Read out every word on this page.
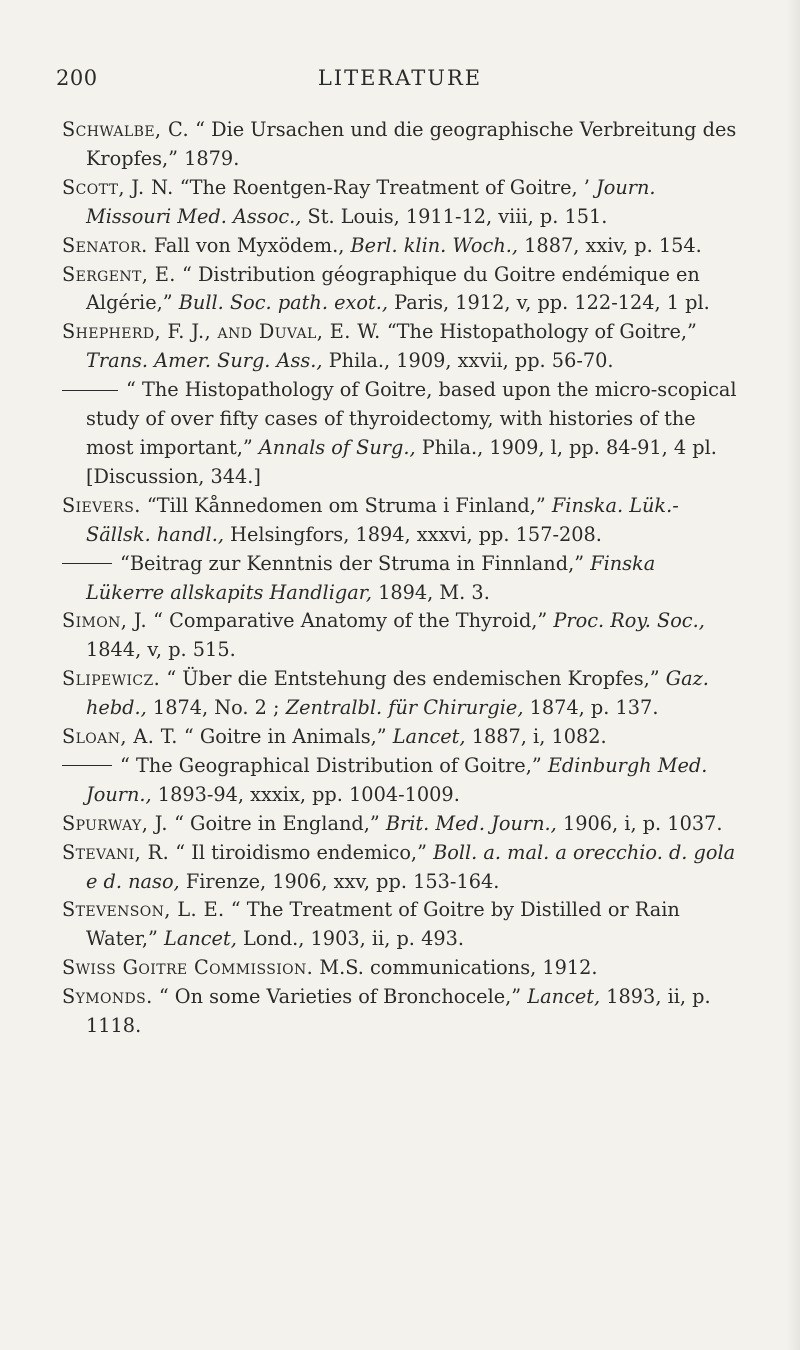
200	LITERATURE

Schwalbe, C. “ Die Ursachen und die geographische Verbreitung des Kropfes,” 1879.

Scott, J. N. “The Roentgen-Ray Treatment of Goitre, ’ Journ. Missouri Med. Assoc., St. Louis, 1911-12, viii, p. 151.

Senator. Fall von Myxödem., Berl. klin. Woch., 1887, xxiv, p. 154.

Sergent, E. “ Distribution géographique du Goitre endémique en Algérie,” Bull. Soc. path. exot., Paris, 1912, v, pp. 122-124, 1 pl.

Shepherd, F. J., and Duval, E. W. “The Histopathology of Goitre,” Trans. Amer. Surg. Ass., Phila., 1909, xxvii, pp. 56-70.

“ The Histopathology of Goitre, based upon the micro-scopical study of over fifty cases of thyroidectomy, with histories of the most important,” Annals of Surg., Phila., 1909, l, pp. 84-91, 4 pl. [Discussion, 344.]

Sievers. “Till Kånnedomen om Struma i Finland,” Finska. Lük.-Sällsk. handl., Helsingfors, 1894, xxxvi, pp. 157-208.

“Beitrag zur Kenntnis der Struma in Finnland,” Finska Lükerre allskapits Handligar, 1894, M. 3.

Simon, J. “ Comparative Anatomy of the Thyroid,” Proc. Roy. Soc., 1844, v, p. 515.

Slipewicz. “ Über die Entstehung des endemischen Kropfes,” Gaz. hebd., 1874, No. 2 ; Zentralbl. für Chirurgie, 1874, p. 137.

Sloan, A. T. “ Goitre in Animals,” Lancet, 1887, i, 1082.

“ The Geographical Distribution of Goitre,” Edinburgh Med. Journ., 1893-94, xxxix, pp. 1004-1009.

Spurway, J. “ Goitre in England,” Brit. Med. Journ., 1906, i, p. 1037.

Stevani, R. “ Il tiroidismo endemico,” Boll. a. mal. a orecchio. d. gola e d. naso, Firenze, 1906, xxv, pp. 153-164.

Stevenson, L. E. “ The Treatment of Goitre by Distilled or Rain Water,” Lancet, Lond., 1903, ii, p. 493.

Swiss Goitre Commission. M.S. communications, 1912.

Symonds. “ On some Varieties of Bronchocele,” Lancet, 1893, ii, p. 1118.
